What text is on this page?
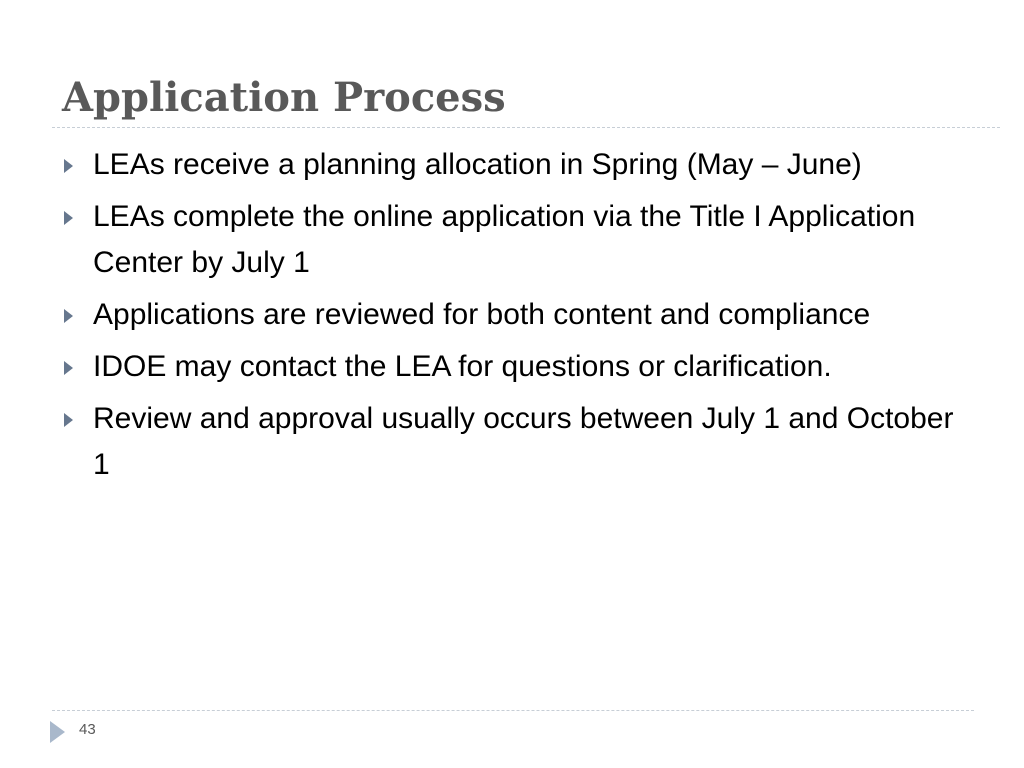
Application Process
LEAs receive a planning allocation in Spring (May – June)
LEAs complete the online application via the Title I Application Center by July 1
Applications are reviewed for both content and compliance
IDOE may contact the LEA for questions or clarification.
Review and approval usually occurs between July 1 and October 1
43
